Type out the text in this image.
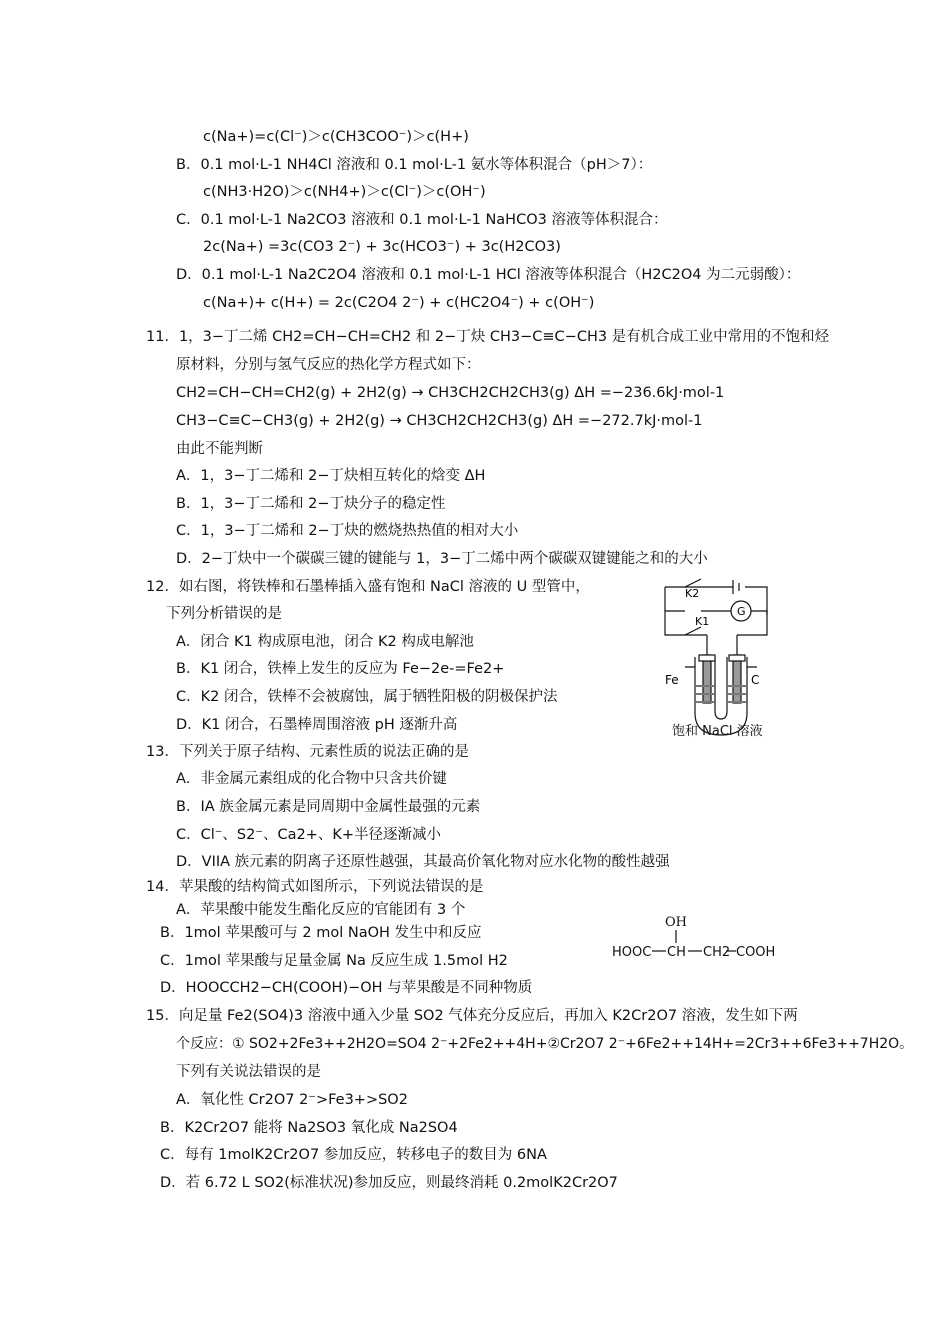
c(Na+)=c(Cl⁻)＞c(CH3COO⁻)＞c(H+)
B．0.1 mol·L-1 NH4Cl 溶液和 0.1 mol·L-1 氨水等体积混合（pH＞7）：
c(NH3·H2O)＞c(NH4+)＞c(Cl⁻)＞c(OH⁻)
C．0.1 mol·L-1 Na2CO3 溶液和 0.1 mol·L-1 NaHCO3 溶液等体积混合：
2c(Na+) =3c(CO3 2⁻) + 3c(HCO3⁻) + 3c(H2CO3)
D．0.1 mol·L-1 Na2C2O4 溶液和 0.1 mol·L-1 HCl 溶液等体积混合（H2C2O4 为二元弱酸）：
c(Na+)+ c(H+) = 2c(C2O4 2⁻) + c(HC2O4⁻) + c(OH⁻)
11．1，3−丁二烯 CH2=CH−CH=CH2 和 2−丁炔 CH3−C≡C−CH3 是有机合成工业中常用的不饱和烃
原材料，分别与氢气反应的热化学方程式如下：
CH2=CH−CH=CH2(g) + 2H2(g) → CH3CH2CH2CH3(g) ΔH =−236.6kJ·mol-1
CH3−C≡C−CH3(g) + 2H2(g) → CH3CH2CH2CH3(g) ΔH =−272.7kJ·mol-1
由此不能判断
A．1，3−丁二烯和 2−丁炔相互转化的焓变 ΔH
B．1，3−丁二烯和 2−丁炔分子的稳定性
C．1，3−丁二烯和 2−丁炔的燃烧热热值的相对大小
D．2−丁炔中一个碳碳三键的键能与 1，3−丁二烯中两个碳碳双键键能之和的大小
12．如右图，将铁棒和石墨棒插入盛有饱和 NaCl 溶液的 U 型管中，
下列分析错误的是
A．闭合 K1 构成原电池，闭合 K2 构成电解池
B．K1 闭合，铁棒上发生的反应为 Fe−2e-=Fe2+
C．K2 闭合，铁棒不会被腐蚀，属于牺牲阳极的阴极保护法
D．K1 闭合，石墨棒周围溶液 pH 逐渐升高
K2
K1
G
Fe	C
饱和 NaCl 溶液
13．下列关于原子结构、元素性质的说法正确的是
A．非金属元素组成的化合物中只含共价键
B．IA 族金属元素是同周期中金属性最强的元素
C．Cl⁻、S2⁻、Ca2+、K+半径逐渐减小
D．VIIA 族元素的阴离子还原性越强，其最高价氧化物对应水化物的酸性越强
14．苹果酸的结构简式如图所示，下列说法错误的是
A．苹果酸中能发生酯化反应的官能团有 3 个
B．1mol 苹果酸可与 2 mol NaOH 发生中和反应
C．1mol 苹果酸与足量金属 Na 反应生成 1.5mol H2
D．HOOCCH2−CH(COOH)−OH 与苹果酸是不同种物质
OH
HOOC CH CH2 COOH
15．向足量 Fe2(SO4)3 溶液中通入少量 SO2 气体充分反应后，再加入 K2Cr2O7 溶液，发生如下两
个反应：① SO2+2Fe3++2H2O=SO4 2⁻+2Fe2++4H+②Cr2O7 2⁻+6Fe2++14H+=2Cr3++6Fe3++7H2O。
下列有关说法错误的是
A．氧化性 Cr2O7 2⁻>Fe3+>SO2
B．K2Cr2O7 能将 Na2SO3 氧化成 Na2SO4
C．每有 1molK2Cr2O7 参加反应，转移电子的数目为 6NA
D．若 6.72 L SO2(标准状况)参加反应，则最终消耗 0.2molK2Cr2O7
